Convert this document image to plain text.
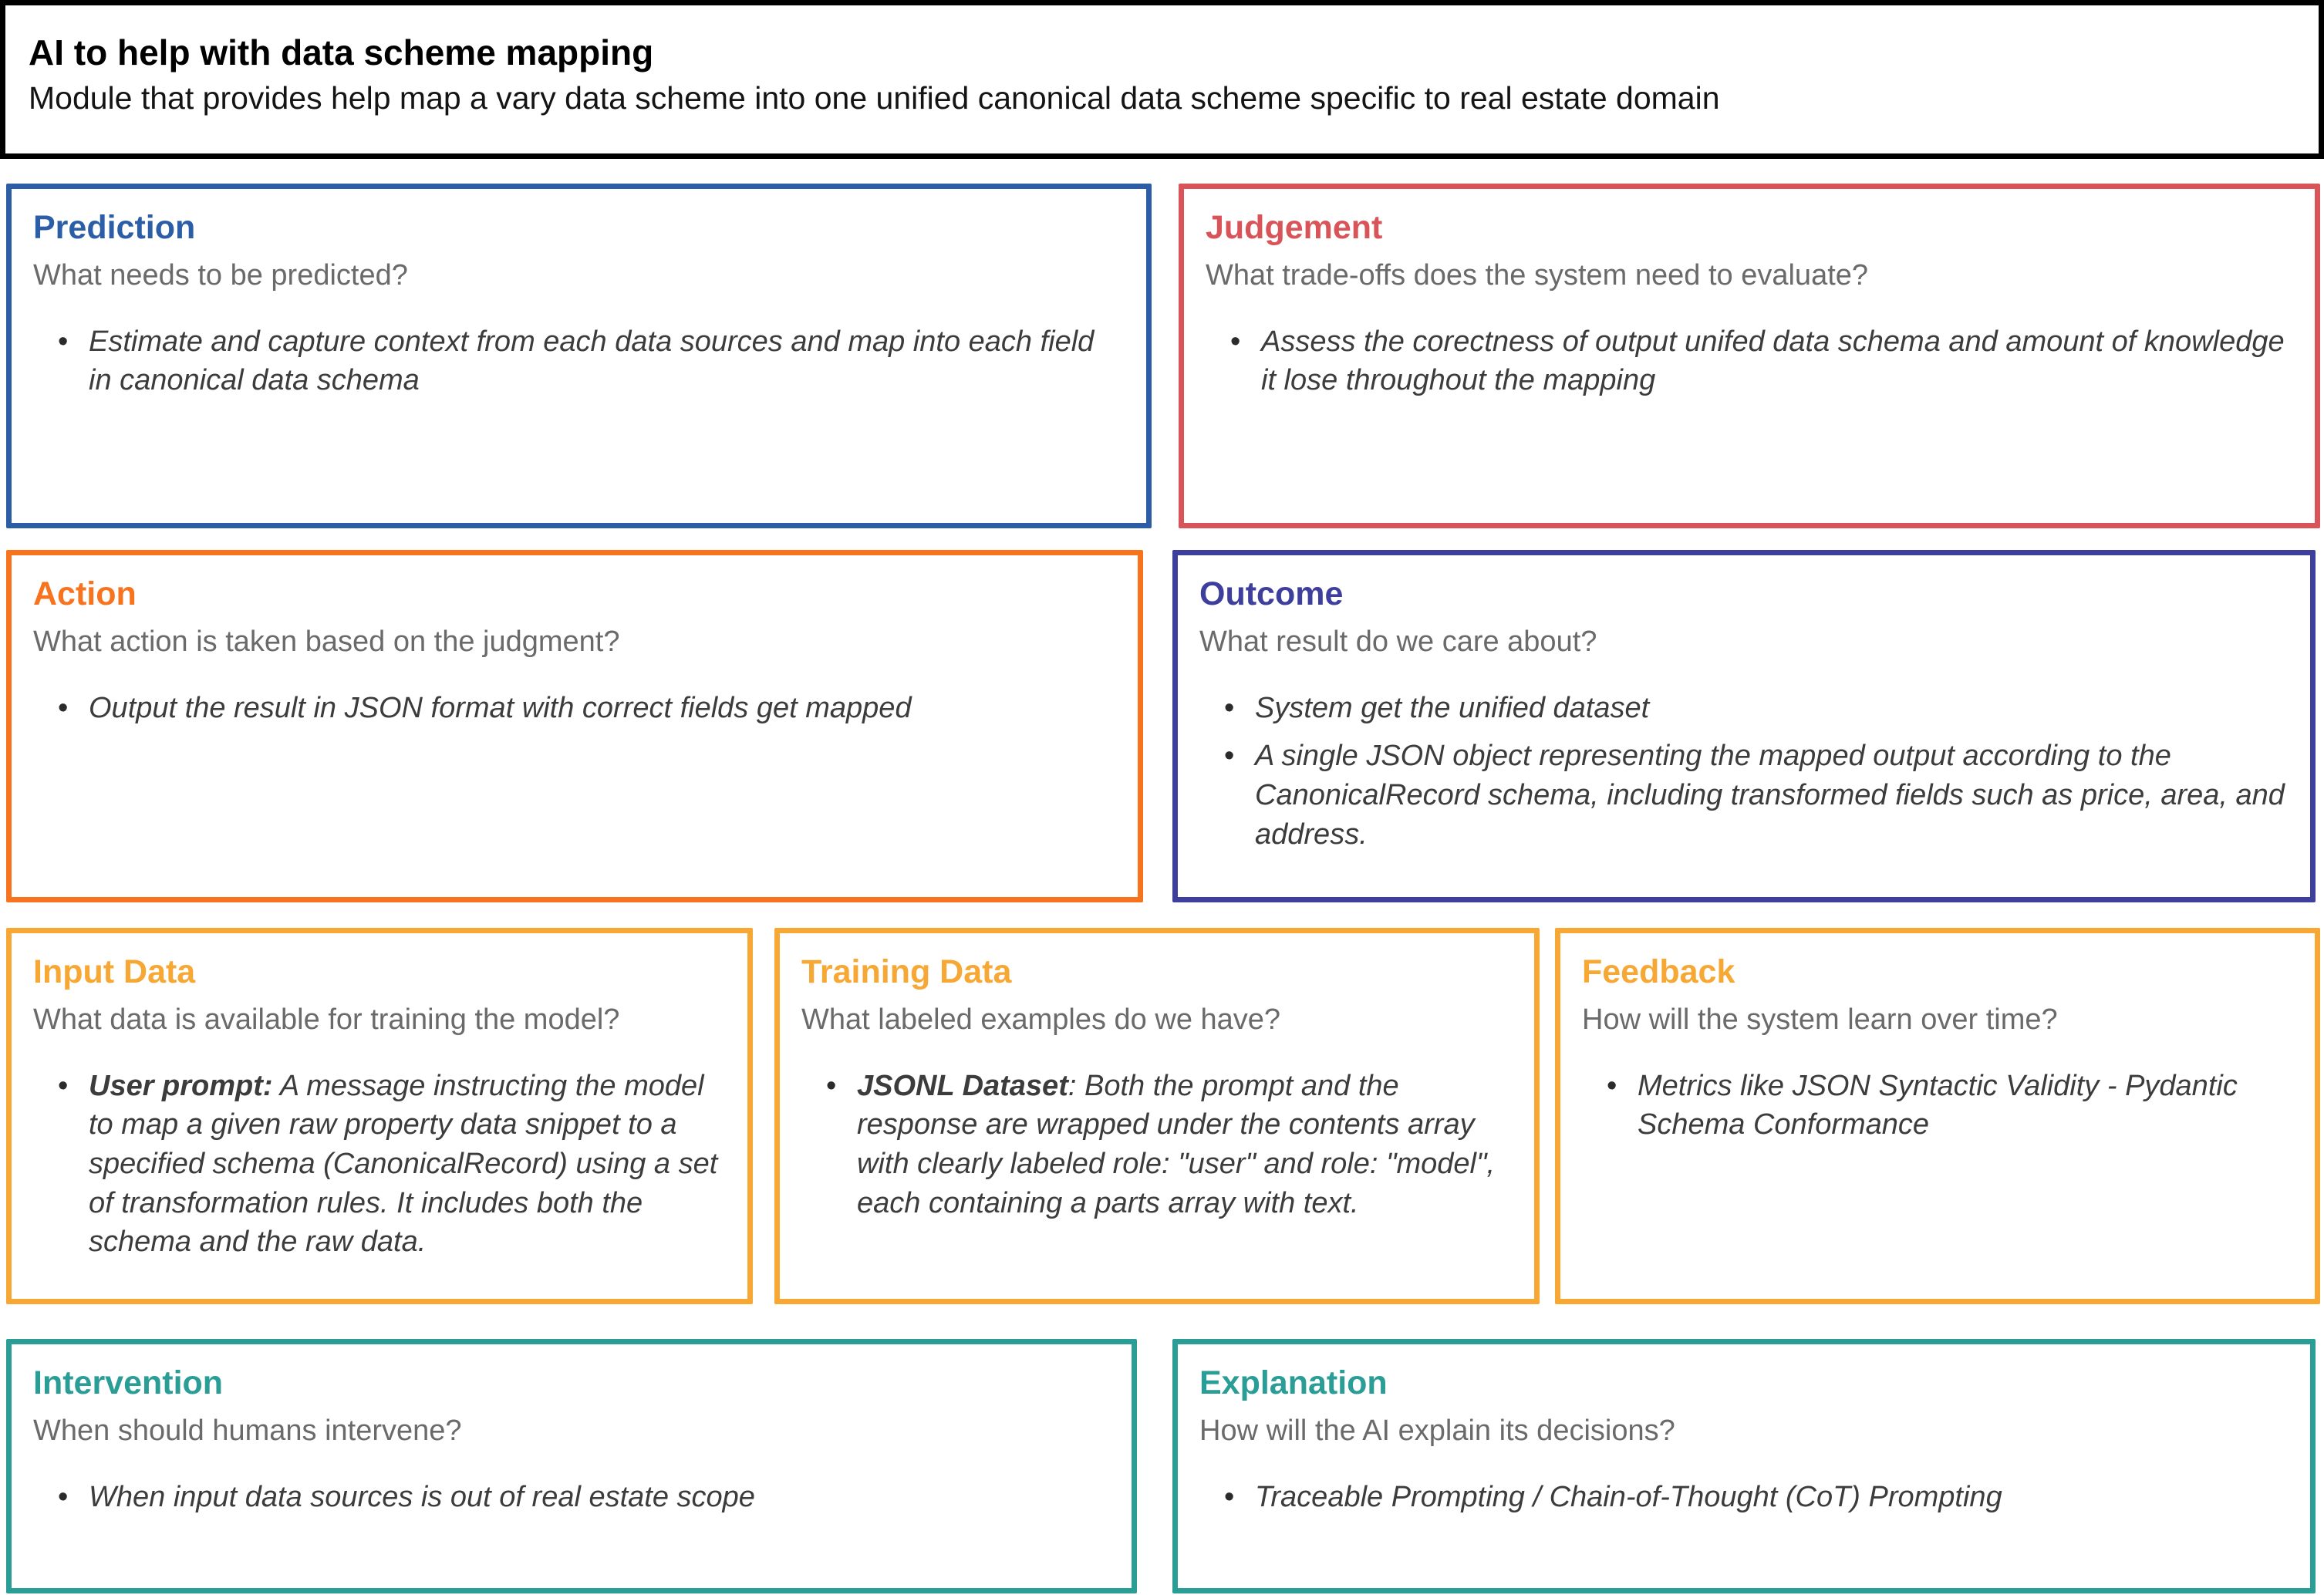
AI to help with data scheme mapping

Module that provides help map a vary data scheme into one unified canonical data scheme specific to real estate domain

Prediction

What needs to be predicted?

• Estimate and capture context from each data sources and map into each field in canonical data schema
Judgement

What trade-offs does the system need to evaluate?

• Assess the corectness of output unifed data schema and amount of knowledge it lose throughout the mapping
Action

What action is taken based on the judgment?

• Output the result in JSON format with correct fields get mapped
Outcome

What result do we care about?

• System get the unified dataset
• A single JSON object representing the mapped output according to the CanonicalRecord schema, including transformed fields such as price, area, and address.
Input Data

What data is available for training the model?

• User prompt: A message instructing the model to map a given raw property data snippet to a specified schema (CanonicalRecord) using a set of transformation rules. It includes both the schema and the raw data.
Training Data

What labeled examples do we have?

• JSONL Dataset: Both the prompt and the response are wrapped under the contents array with clearly labeled role: "user" and role: "model", each containing a parts array with text.
Feedback

How will the system learn over time?

• Metrics like JSON Syntactic Validity - Pydantic Schema Conformance
Intervention

When should humans intervene?

• When input data sources is out of real estate scope
Explanation

How will the AI explain its decisions?

• Traceable Prompting / Chain-of-Thought (CoT) Prompting
